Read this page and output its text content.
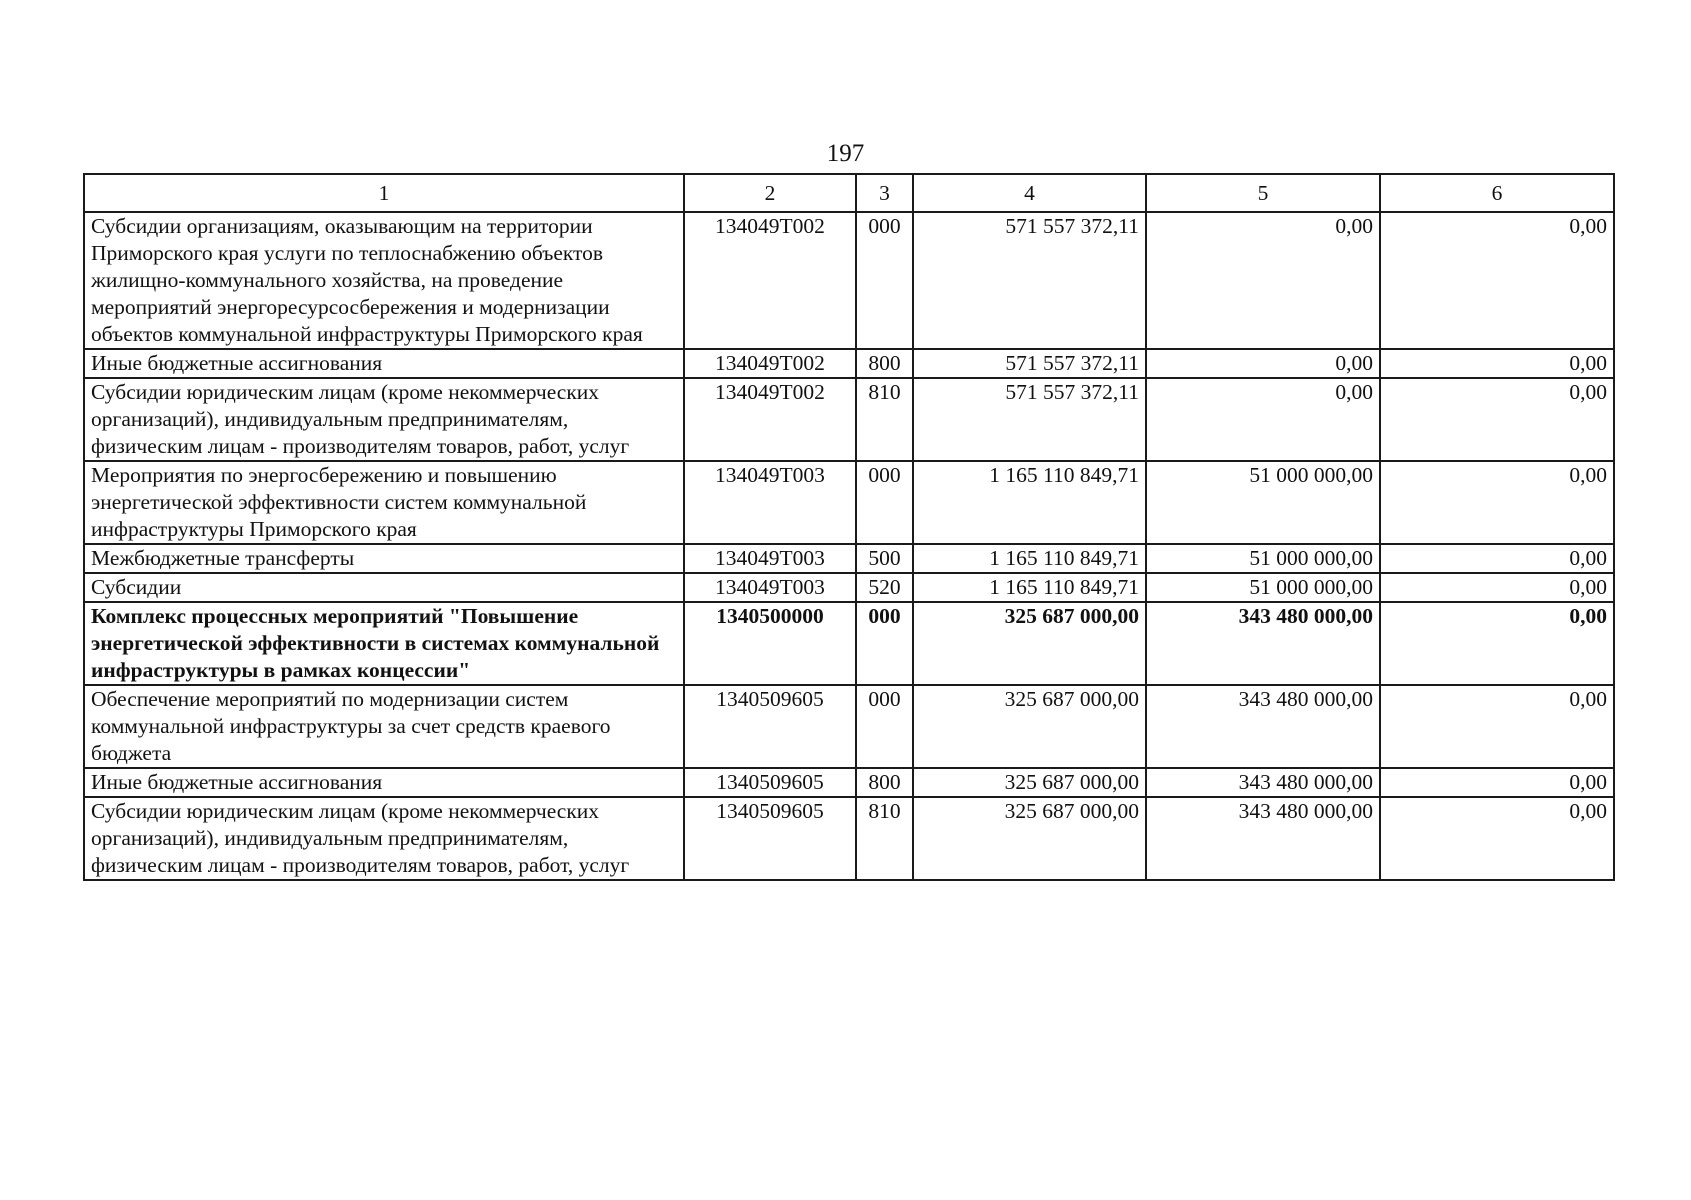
197
1	2	3	4	5	6
Субсидии организациям, оказывающим на территории Приморского края услуги по теплоснабжению объектов жилищно-коммунального хозяйства, на проведение мероприятий энергоресурсосбережения и модернизации объектов коммунальной инфраструктуры Приморского края	134049T002	000	571 557 372,11	0,00	0,00
Иные бюджетные ассигнования	134049T002	800	571 557 372,11	0,00	0,00
Субсидии юридическим лицам (кроме некоммерческих организаций), индивидуальным предпринимателям, физическим лицам - производителям товаров, работ, услуг	134049T002	810	571 557 372,11	0,00	0,00
Мероприятия по энергосбережению и повышению энергетической эффективности систем коммунальной инфраструктуры Приморского края	134049T003	000	1 165 110 849,71	51 000 000,00	0,00
Межбюджетные трансферты	134049T003	500	1 165 110 849,71	51 000 000,00	0,00
Субсидии	134049T003	520	1 165 110 849,71	51 000 000,00	0,00
Комплекс процессных мероприятий "Повышение энергетической эффективности в системах коммунальной инфраструктуры в рамках концессии"	1340500000	000	325 687 000,00	343 480 000,00	0,00
Обеспечение мероприятий по модернизации систем коммунальной инфраструктуры за счет средств краевого бюджета	1340509605	000	325 687 000,00	343 480 000,00	0,00
Иные бюджетные ассигнования	1340509605	800	325 687 000,00	343 480 000,00	0,00
Субсидии юридическим лицам (кроме некоммерческих организаций), индивидуальным предпринимателям, физическим лицам - производителям товаров, работ, услуг	1340509605	810	325 687 000,00	343 480 000,00	0,00
